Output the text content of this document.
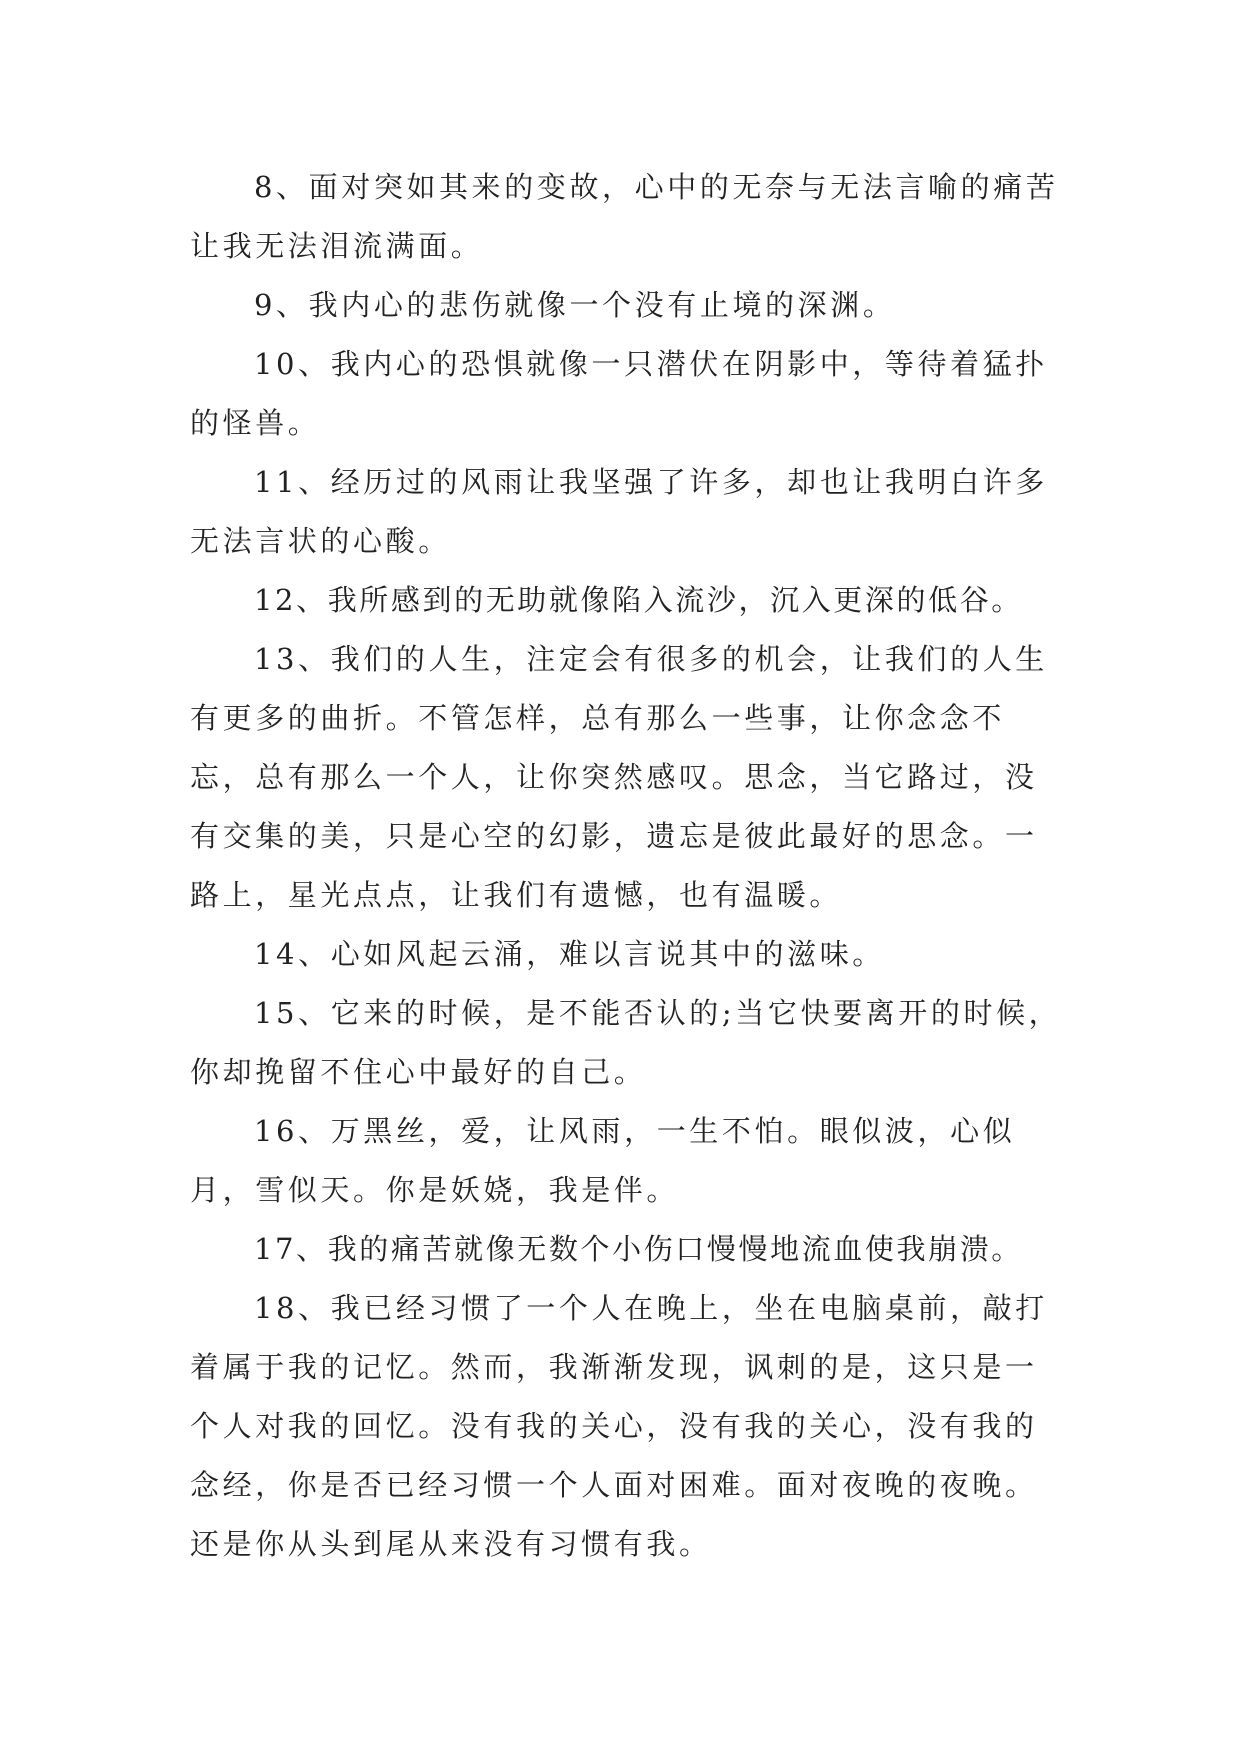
8、面对突如其来的变故，心中的无奈与无法言喻的痛苦让我无法泪流满面。

9、我内心的悲伤就像一个没有止境的深渊。

10、我内心的恐惧就像一只潜伏在阴影中，等待着猛扑的怪兽。

11、经历过的风雨让我坚强了许多，却也让我明白许多无法言状的心酸。

12、我所感到的无助就像陷入流沙，沉入更深的低谷。

13、我们的人生，注定会有很多的机会，让我们的人生有更多的曲折。不管怎样，总有那么一些事，让你念念不忘，总有那么一个人，让你突然感叹。思念，当它路过，没有交集的美，只是心空的幻影，遗忘是彼此最好的思念。一路上，星光点点，让我们有遗憾，也有温暖。

14、心如风起云涌，难以言说其中的滋味。

15、它来的时候，是不能否认的;当它快要离开的时候，你却挽留不住心中最好的自己。

16、万黑丝，爱，让风雨，一生不怕。眼似波，心似月，雪似天。你是妖娆，我是伴。

17、我的痛苦就像无数个小伤口慢慢地流血使我崩溃。

18、我已经习惯了一个人在晚上，坐在电脑桌前，敲打着属于我的记忆。然而，我渐渐发现，讽刺的是，这只是一个人对我的回忆。没有我的关心，没有我的关心，没有我的念经，你是否已经习惯一个人面对困难。面对夜晚的夜晚。还是你从头到尾从来没有习惯有我。
